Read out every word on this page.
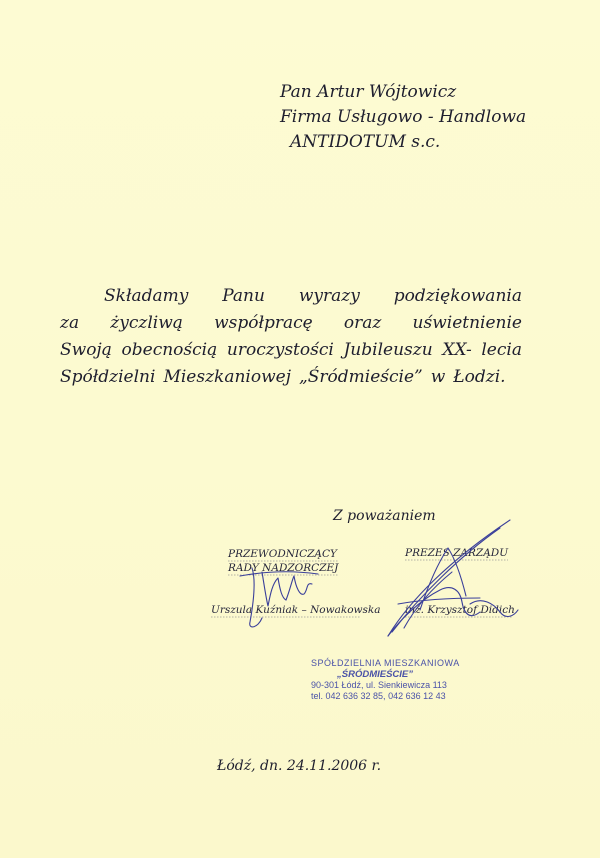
Pan Artur Wójtowicz
Firma Usługowo - Handlowa
ANTIDOTUM s.c.
Składamy Panu wyrazy podziękowania
za życzliwą współpracę oraz uświetnienie
Swoją obecnością uroczystości Jubileuszu XX- lecia
Spółdzielni Mieszkaniowej „Śródmieście” w Łodzi.
Z poważaniem
PRZEWODNICZĄCY
RADY NADZORCZEJ
Urszula Kuźniak – Nowakowska
PREZES ZARZĄDU
inż. Krzysztof Didich
SPÓŁDZIELNIA MIESZKANIOWA
„ŚRÓDMIEŚCIE”
90-301 Łódź, ul. Sienkiewicza 113
tel. 042 636 32 85, 042 636 12 43
Łódź, dn. 24.11.2006 r.
